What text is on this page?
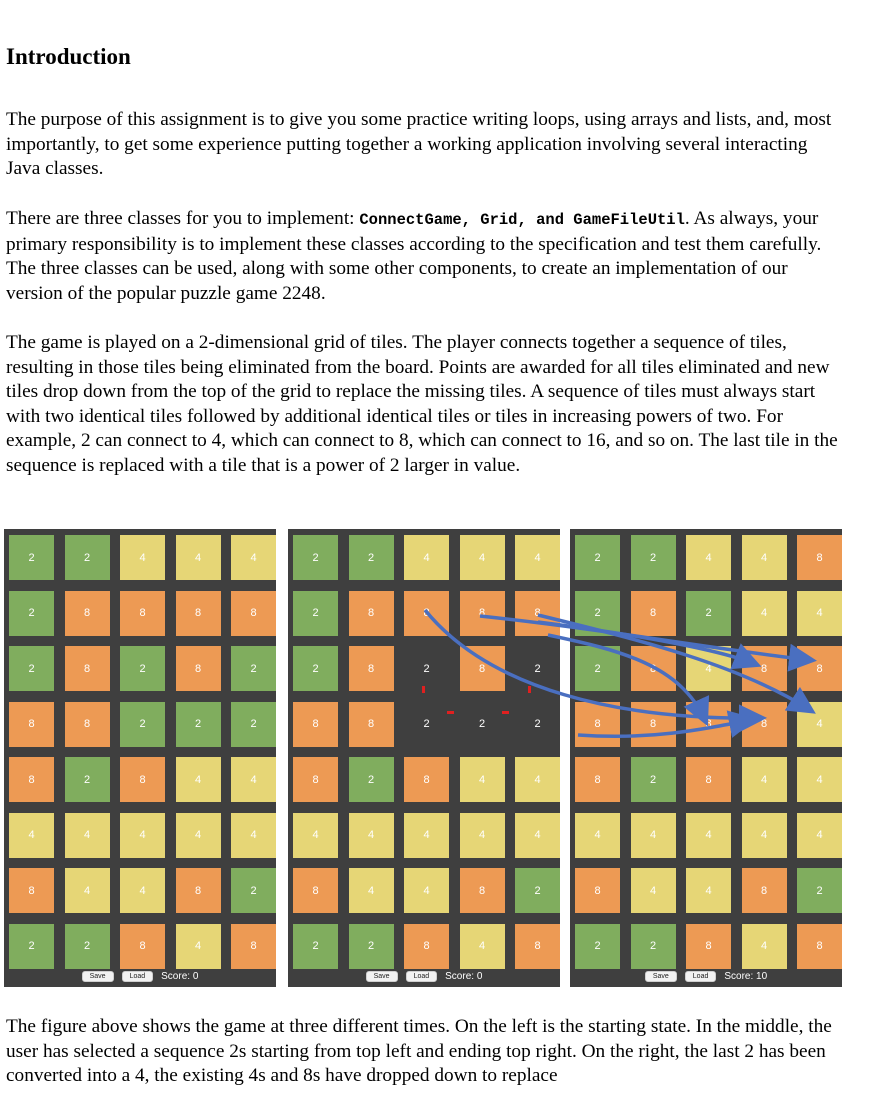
Introduction

The purpose of this assignment is to give you some practice writing loops, using arrays and lists, and, most importantly, to get some experience putting together a working application involving several interacting Java classes.

There are three classes for you to implement: ConnectGame, Grid, and GameFileUtil. As always, your primary responsibility is to implement these classes according to the specification and test them carefully. The three classes can be used, along with some other components, to create an implementation of our version of the popular puzzle game 2248.

The game is played on a 2-dimensional grid of tiles. The player connects together a sequence of tiles, resulting in those tiles being eliminated from the board. Points are awarded for all tiles eliminated and new tiles drop down from the top of the grid to replace the missing tiles. A sequence of tiles must always start with two identical tiles followed by additional identical tiles or tiles in increasing powers of two. For example, 2 can connect to 4, which can connect to 8, which can connect to 16, and so on. The last tile in the sequence is replaced with a tile that is a power of 2 larger in value.

2	2	4	4	4
2	8	8	8	8
2	8	2	8	2
8	8	2	2	2
8	2	8	4	4
4	4	4	4	4
8	4	4	8	2
2	2	8	4	8
Save	Load	Score: 0
2	2	4	4	4
2	8	8	8	8
2	8	2	8	2
8	8	2	2	2
8	2	8	4	4
4	4	4	4	4
8	4	4	8	2
2	2	8	4	8
Save	Load	Score: 0
2	2	4	4	8
2	8	2	4	4
2	8	4	8	8
8	8	8	8	4
8	2	8	4	4
4	4	4	4	4
8	4	4	8	2
2	2	8	4	8
Save	Load	Score: 10

The figure above shows the game at three different times. On the left is the starting state. In the middle, the user has selected a sequence 2s starting from top left and ending top right. On the right, the last 2 has been converted into a 4, the existing 4s and 8s have dropped down to replace
